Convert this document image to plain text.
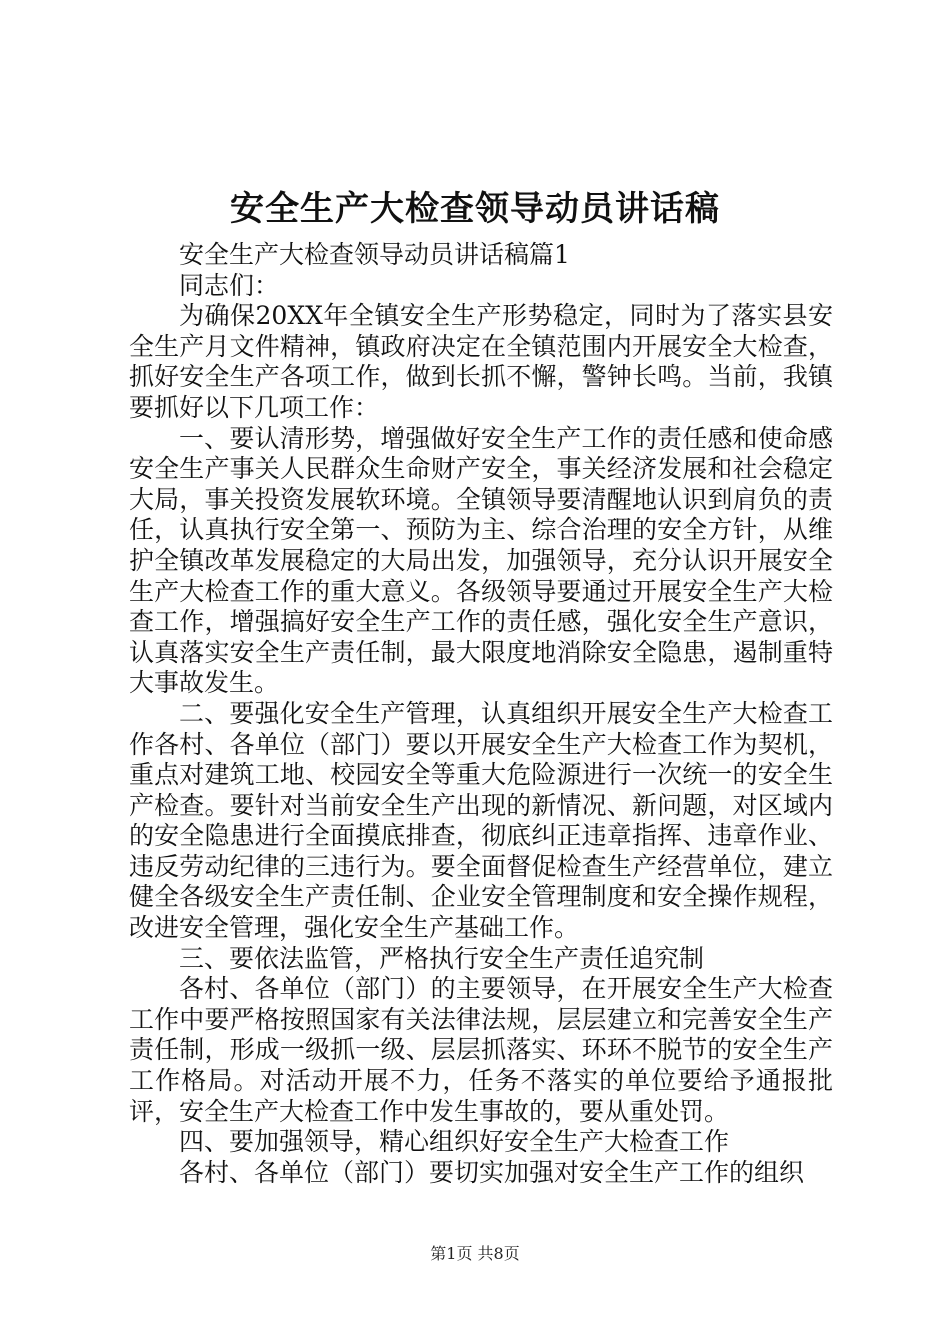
安全生产大检查领导动员讲话稿

安全生产大检查领导动员讲话稿篇1

同志们：

为确保20XX年全镇安全生产形势稳定，同时为了落实县安全生产月文件精神，镇政府决定在全镇范围内开展安全大检查，抓好安全生产各项工作，做到长抓不懈，警钟长鸣。当前，我镇要抓好以下几项工作：

一、要认清形势，增强做好安全生产工作的责任感和使命感安全生产事关人民群众生命财产安全，事关经济发展和社会稳定大局，事关投资发展软环境。全镇领导要清醒地认识到肩负的责任，认真执行安全第一、预防为主、综合治理的安全方针，从维护全镇改革发展稳定的大局出发，加强领导，充分认识开展安全生产大检查工作的重大意义。各级领导要通过开展安全生产大检查工作，增强搞好安全生产工作的责任感，强化安全生产意识，认真落实安全生产责任制，最大限度地消除安全隐患，遏制重特大事故发生。

二、要强化安全生产管理，认真组织开展安全生产大检查工作各村、各单位（部门）要以开展安全生产大检查工作为契机，重点对建筑工地、校园安全等重大危险源进行一次统一的安全生产检查。要针对当前安全生产出现的新情况、新问题，对区域内的安全隐患进行全面摸底排查，彻底纠正违章指挥、违章作业、违反劳动纪律的三违行为。要全面督促检查生产经营单位，建立健全各级安全生产责任制、企业安全管理制度和安全操作规程，改进安全管理，强化安全生产基础工作。

三、要依法监管，严格执行安全生产责任追究制

各村、各单位（部门）的主要领导，在开展安全生产大检查工作中要严格按照国家有关法律法规，层层建立和完善安全生产责任制，形成一级抓一级、层层抓落实、环环不脱节的安全生产工作格局。对活动开展不力，任务不落实的单位要给予通报批评，安全生产大检查工作中发生事故的，要从重处罚。

四、要加强领导，精心组织好安全生产大检查工作

各村、各单位（部门）要切实加强对安全生产工作的组织

第1页 共8页
